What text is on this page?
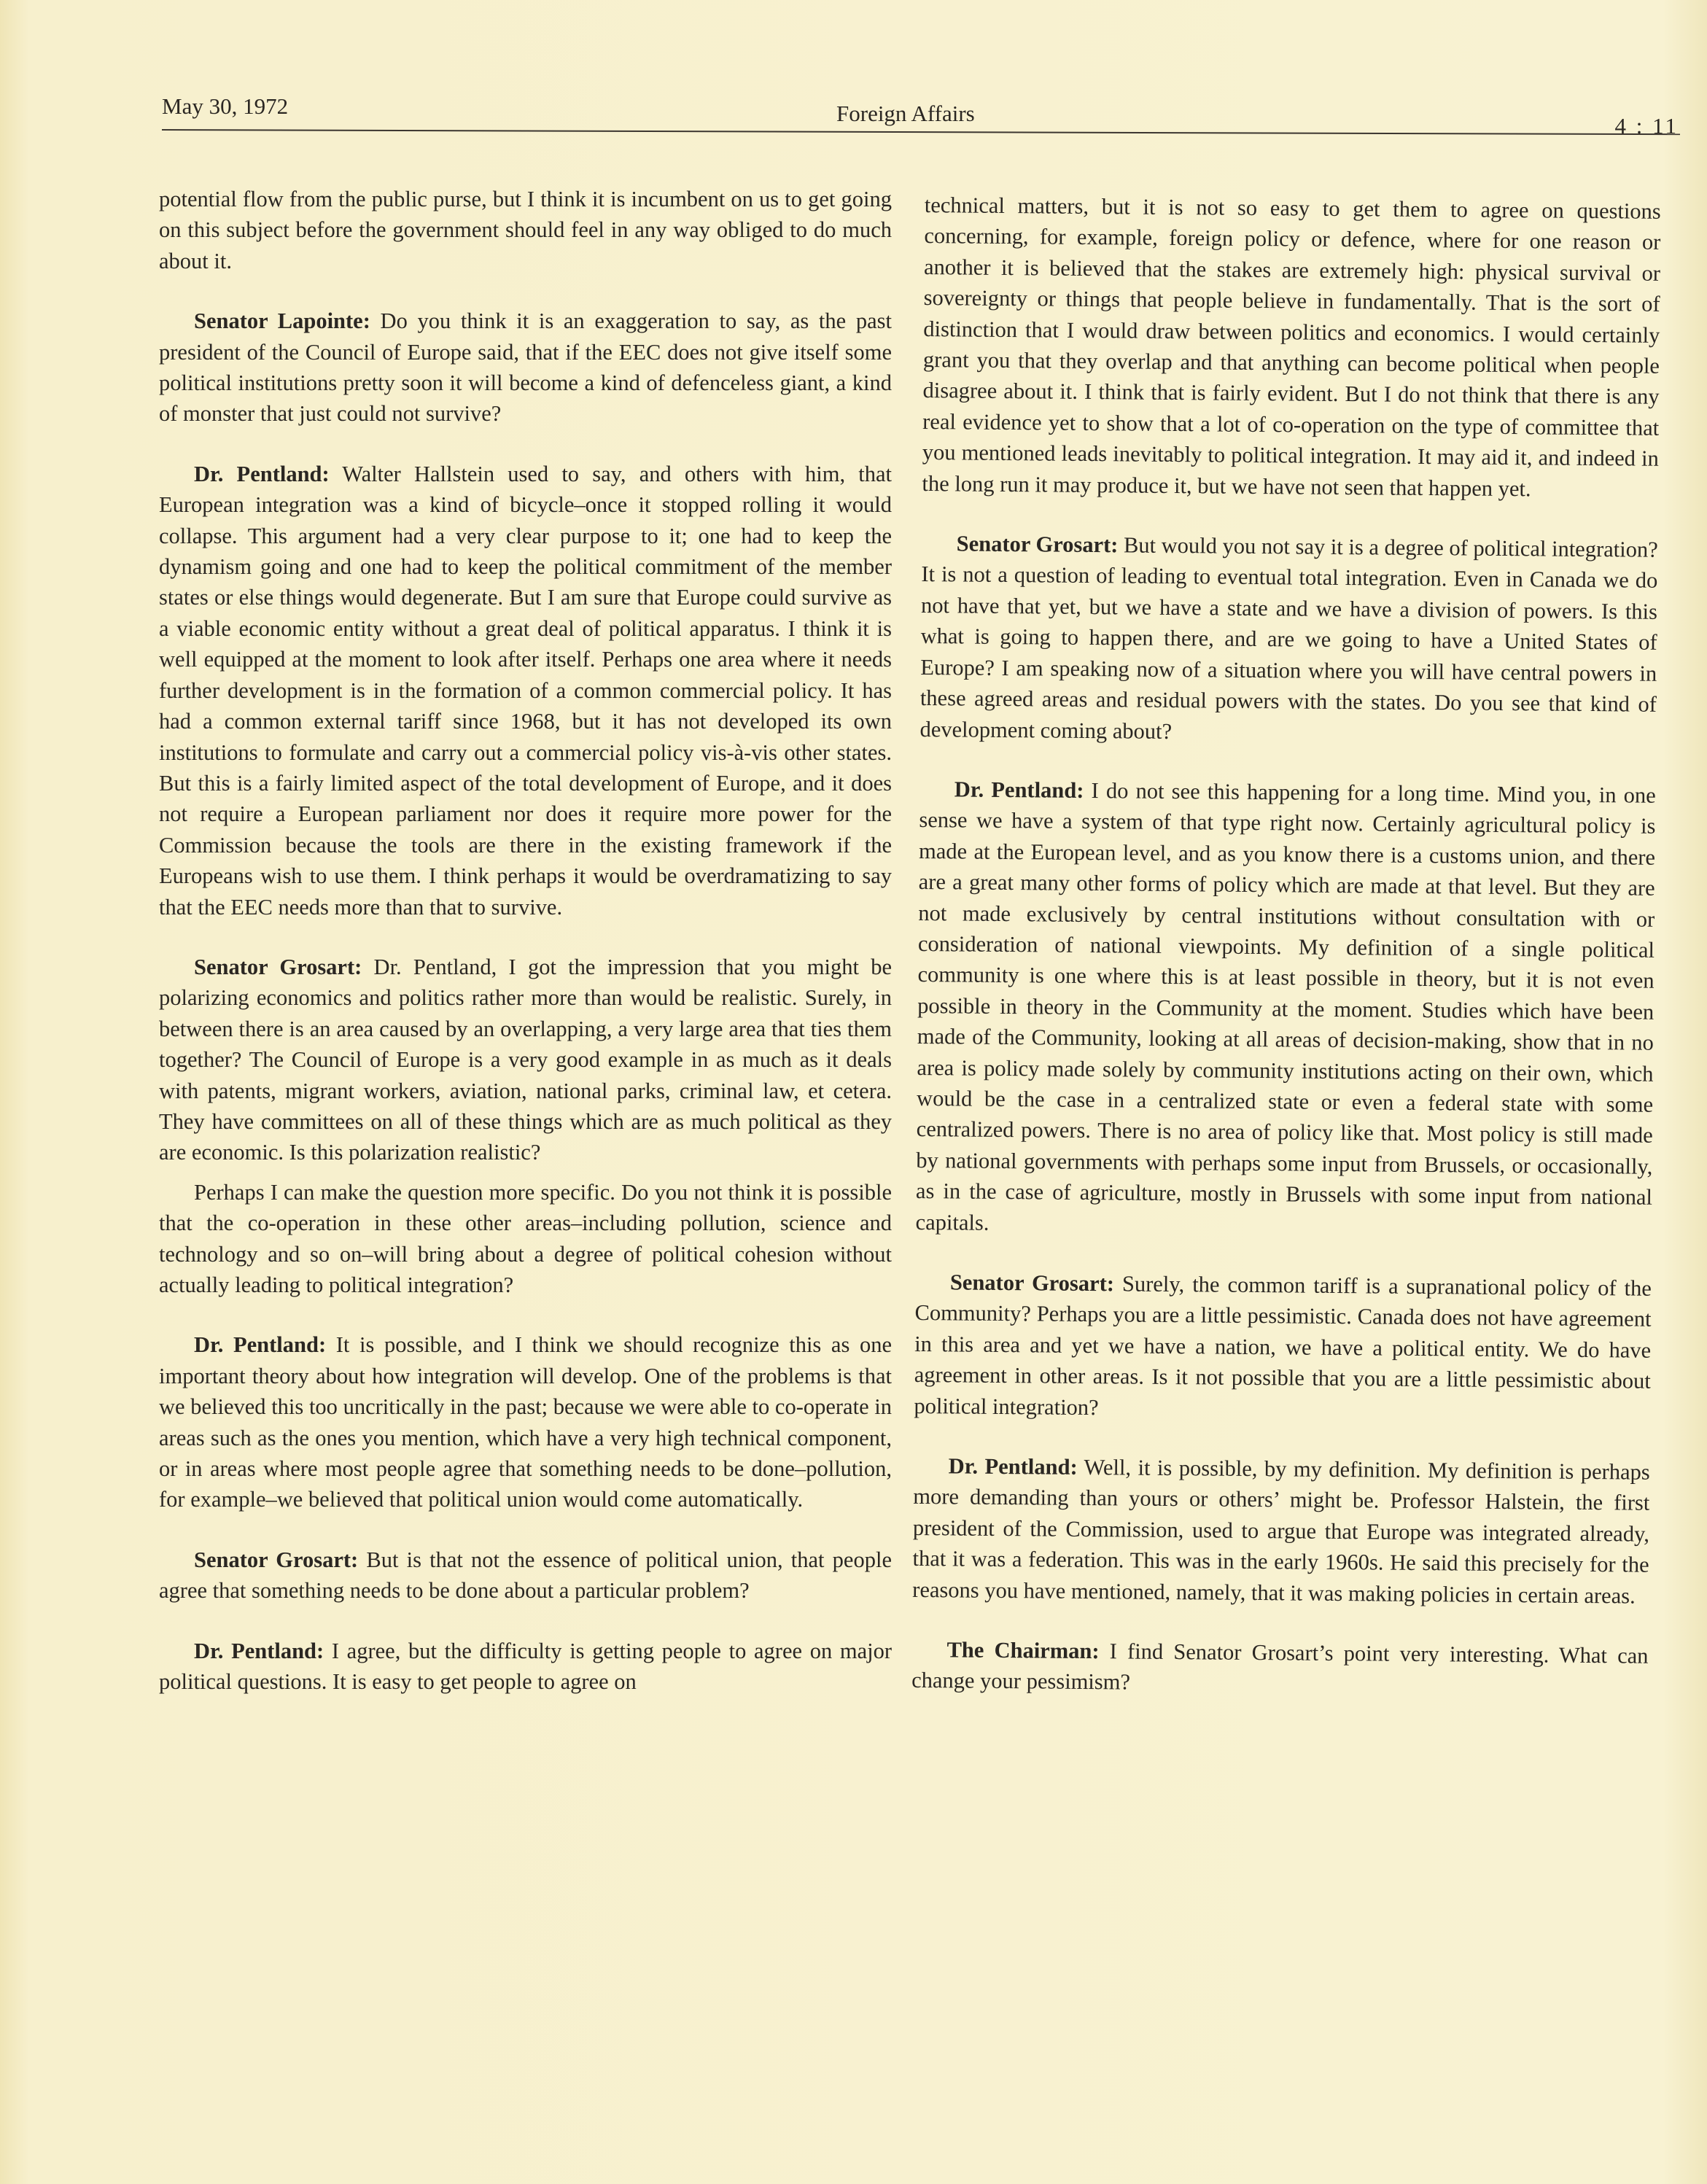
May 30, 1972	Foreign Affairs	4 : 11

potential flow from the public purse, but I think it is incumbent on us to get going on this subject before the government should feel in any way obliged to do much about it.

Senator Lapointe: Do you think it is an exaggeration to say, as the past president of the Council of Europe said, that if the EEC does not give itself some political institutions pretty soon it will become a kind of defenceless giant, a kind of monster that just could not survive?

Dr. Pentland: Walter Hallstein used to say, and others with him, that European integration was a kind of bicycle–once it stopped rolling it would collapse. This argument had a very clear purpose to it; one had to keep the dynamism going and one had to keep the political commitment of the member states or else things would degenerate. But I am sure that Europe could survive as a viable economic entity without a great deal of political apparatus. I think it is well equipped at the moment to look after itself. Perhaps one area where it needs further development is in the formation of a common commercial policy. It has had a common external tariff since 1968, but it has not developed its own institutions to formulate and carry out a commercial policy vis-à-vis other states. But this is a fairly limited aspect of the total development of Europe, and it does not require a European parliament nor does it require more power for the Commission because the tools are there in the existing framework if the Europeans wish to use them. I think perhaps it would be overdramatizing to say that the EEC needs more than that to survive.

Senator Grosart: Dr. Pentland, I got the impression that you might be polarizing economics and politics rather more than would be realistic. Surely, in between there is an area caused by an overlapping, a very large area that ties them together? The Council of Europe is a very good example in as much as it deals with patents, migrant workers, aviation, national parks, criminal law, et cetera. They have committees on all of these things which are as much political as they are economic. Is this polarization realistic?

Perhaps I can make the question more specific. Do you not think it is possible that the co-operation in these other areas–including pollution, science and technology and so on–will bring about a degree of political cohesion without actually leading to political integration?

Dr. Pentland: It is possible, and I think we should recognize this as one important theory about how integration will develop. One of the problems is that we believed this too uncritically in the past; because we were able to co-operate in areas such as the ones you mention, which have a very high technical component, or in areas where most people agree that something needs to be done–pollution, for example–we believed that political union would come automatically.

Senator Grosart: But is that not the essence of political union, that people agree that something needs to be done about a particular problem?

Dr. Pentland: I agree, but the difficulty is getting people to agree on major political questions. It is easy to get people to agree on

technical matters, but it is not so easy to get them to agree on questions concerning, for example, foreign policy or defence, where for one reason or another it is believed that the stakes are extremely high: physical survival or sovereignty or things that people believe in fundamentally. That is the sort of distinction that I would draw between politics and economics. I would certainly grant you that they overlap and that anything can become political when people disagree about it. I think that is fairly evident. But I do not think that there is any real evidence yet to show that a lot of co-operation on the type of committee that you mentioned leads inevitably to political integration. It may aid it, and indeed in the long run it may produce it, but we have not seen that happen yet.

Senator Grosart: But would you not say it is a degree of political integration? It is not a question of leading to eventual total integration. Even in Canada we do not have that yet, but we have a state and we have a division of powers. Is this what is going to happen there, and are we going to have a United States of Europe? I am speaking now of a situation where you will have central powers in these agreed areas and residual powers with the states. Do you see that kind of development coming about?

Dr. Pentland: I do not see this happening for a long time. Mind you, in one sense we have a system of that type right now. Certainly agricultural policy is made at the European level, and as you know there is a customs union, and there are a great many other forms of policy which are made at that level. But they are not made exclusively by central institutions without consultation with or consideration of national viewpoints. My definition of a single political community is one where this is at least possible in theory, but it is not even possible in theory in the Community at the moment. Studies which have been made of the Community, looking at all areas of decision-making, show that in no area is policy made solely by community institutions acting on their own, which would be the case in a centralized state or even a federal state with some centralized powers. There is no area of policy like that. Most policy is still made by national governments with perhaps some input from Brussels, or occasionally, as in the case of agriculture, mostly in Brussels with some input from national capitals.

Senator Grosart: Surely, the common tariff is a supranational policy of the Community? Perhaps you are a little pessimistic. Canada does not have agreement in this area and yet we have a nation, we have a political entity. We do have agreement in other areas. Is it not possible that you are a little pessimistic about political integration?

Dr. Pentland: Well, it is possible, by my definition. My definition is perhaps more demanding than yours or others’ might be. Professor Halstein, the first president of the Commission, used to argue that Europe was integrated already, that it was a federation. This was in the early 1960s. He said this precisely for the reasons you have mentioned, namely, that it was making policies in certain areas.

The Chairman: I find Senator Grosart’s point very interesting. What can change your pessimism?
